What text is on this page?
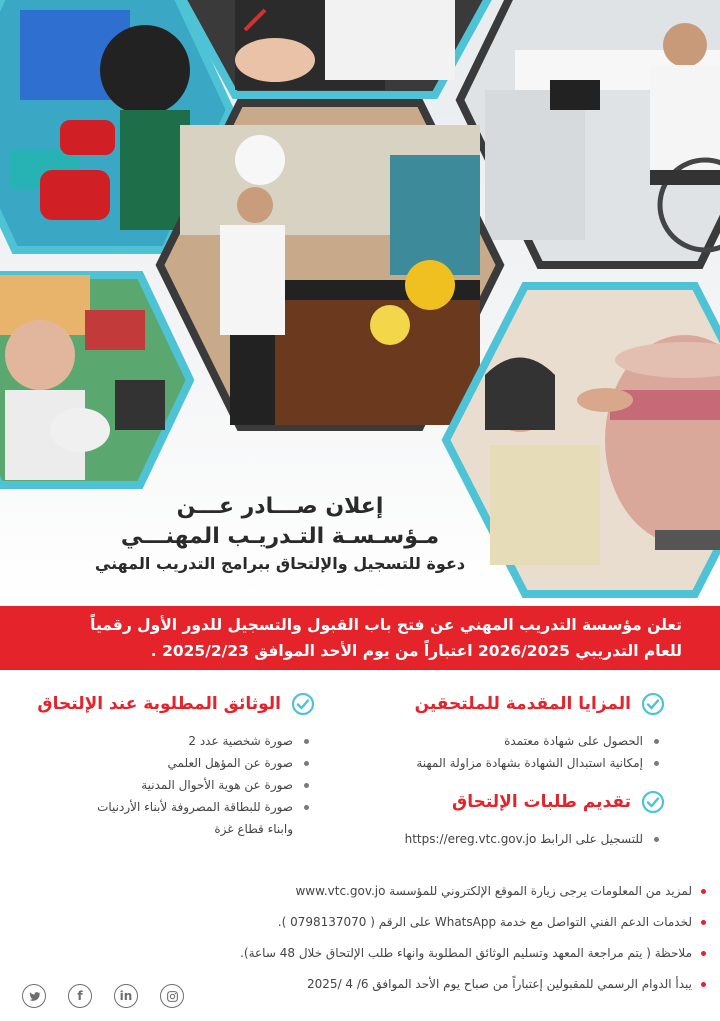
إعلان صـــادر عـــن
مـؤسـسـة التـدريـب المهنـــي
دعوة للتسجيل والإلتحاق ببرامج التدريب المهني

تعلن مؤسسة التدريب المهني عن فتح باب القبول والتسجيل للدور الأول رقمياً

للعام التدريبي 2026/2025 اعتباراً من يوم الأحد الموافق 2025/2/23 .

المزايا المقدمة للملتحقين
الحصول على شهادة معتمدة
إمكانية استبدال الشهادة بشهادة مزاولة المهنة
تقديم طلبات الإلتحاق
للتسجيل على الرابط https://ereg.vtc.gov.jo
الوثائق المطلوبة عند الإلتحاق
صورة شخصية عدد 2
صورة عن المؤهل العلمي
صورة عن هوية الأحوال المدنية
صورة للبطاقة المصروفة لأبناء الأردنيات
وابناء قطاع غزة
لمزيد من المعلومات يرجى زيارة الموقع الإلكتروني للمؤسسة www.vtc.gov.jo
لخدمات الدعم الفني التواصل مع خدمة WhatsApp على الرقم ( 0798137070 ).
ملاحظة ( يتم مراجعة المعهد وتسليم الوثائق المطلوبة وانهاء طلب الإلتحاق خلال 48 ساعة).
يبدأ الدوام الرسمي للمقبولين إعتباراً من صباح يوم الأحد الموافق 6/ 4 /2025
f	in
